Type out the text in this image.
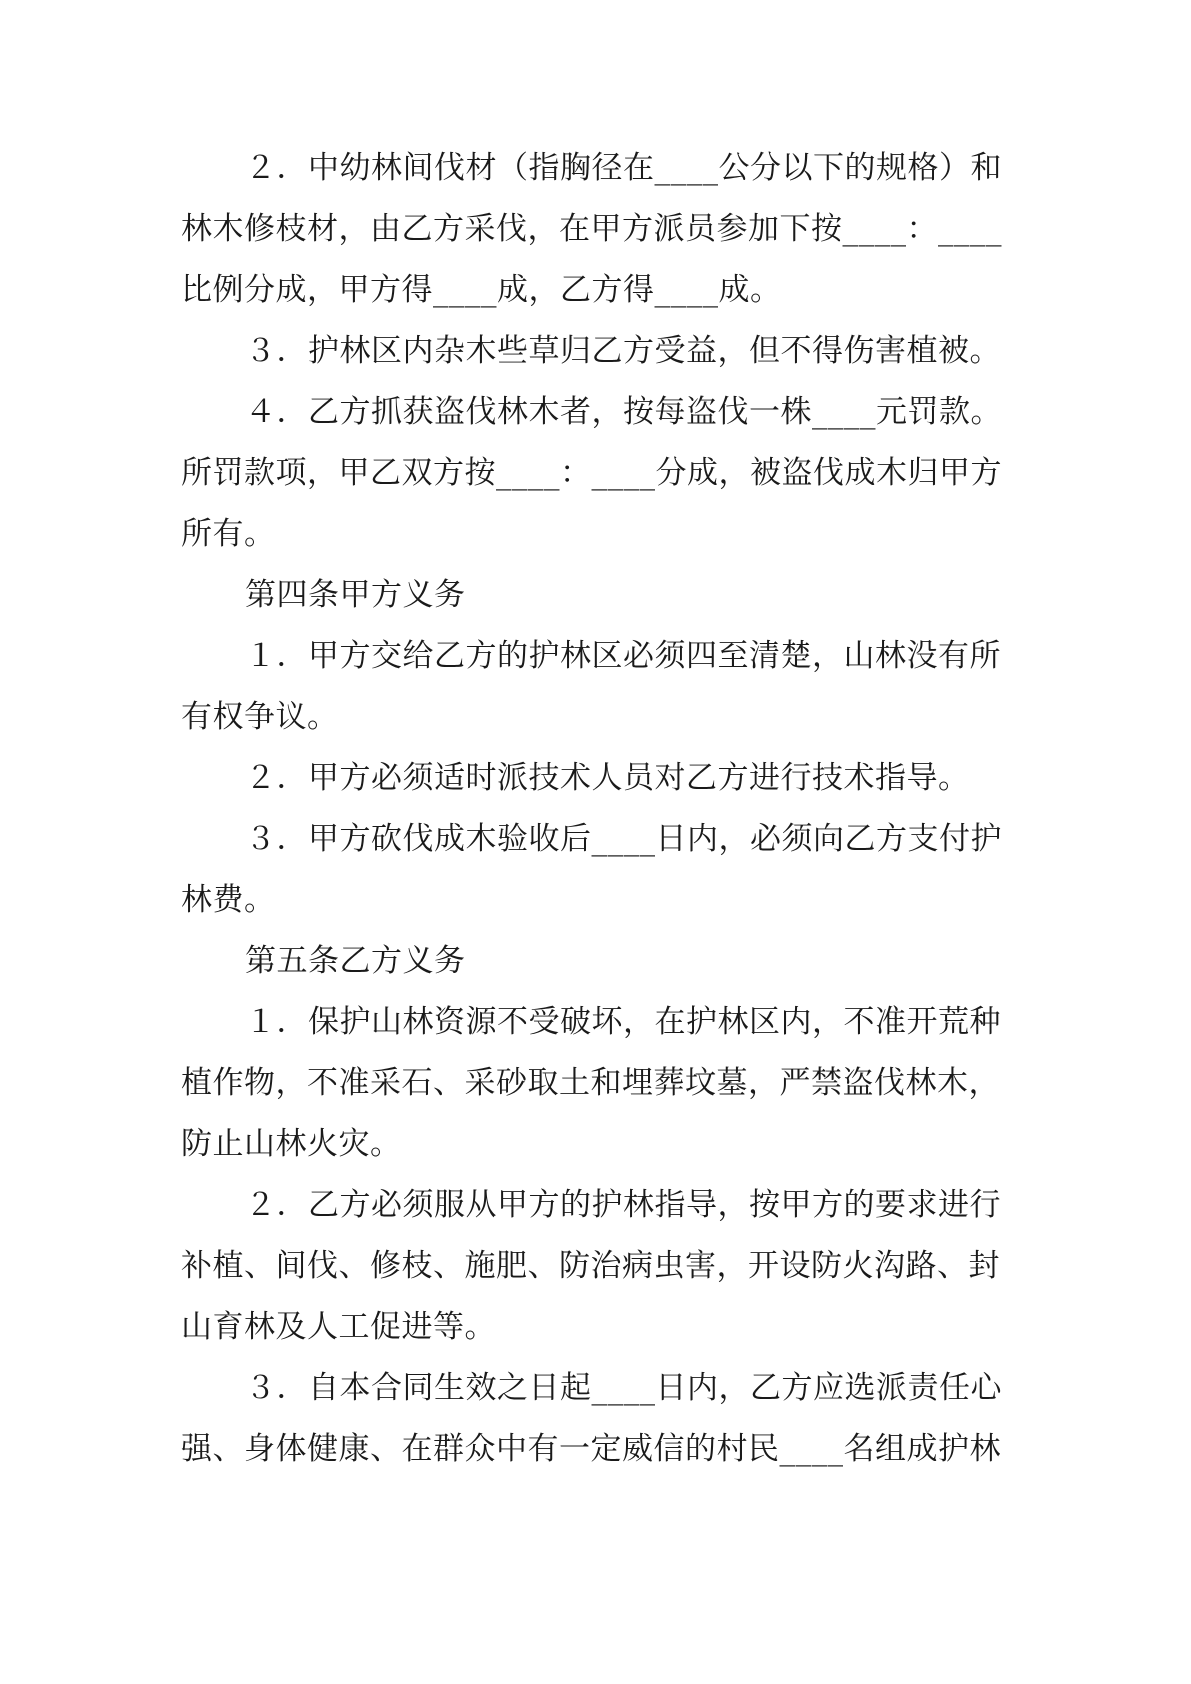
２．中幼林间伐材（指胸径在____公分以下的规格）和
林木修枝材，由乙方采伐，在甲方派员参加下按____：____
比例分成，甲方得____成，乙方得____成。
３．护林区内杂木些草归乙方受益，但不得伤害植被。
４．乙方抓获盗伐林木者，按每盗伐一株____元罚款。
所罚款项，甲乙双方按____：____分成，被盗伐成木归甲方
所有。
第四条甲方义务
１．甲方交给乙方的护林区必须四至清楚，山林没有所
有权争议。
２．甲方必须适时派技术人员对乙方进行技术指导。
３．甲方砍伐成木验收后____日内，必须向乙方支付护
林费。
第五条乙方义务
１．保护山林资源不受破坏，在护林区内，不准开荒种
植作物，不准采石、采砂取土和埋葬坟墓，严禁盗伐林木，
防止山林火灾。
２．乙方必须服从甲方的护林指导，按甲方的要求进行
补植、间伐、修枝、施肥、防治病虫害，开设防火沟路、封
山育林及人工促进等。
３．自本合同生效之日起____日内，乙方应选派责任心
强、身体健康、在群众中有一定威信的村民____名组成护林
